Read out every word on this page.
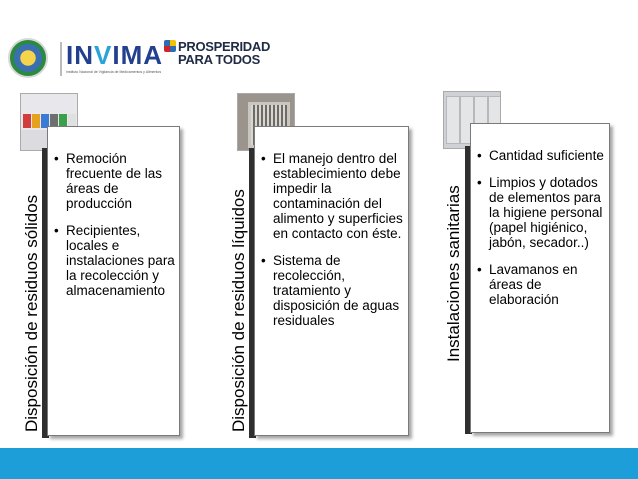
INVIMA
Instituto Nacional de Vigilancia de Medicamentos y Alimentos
PROSPERIDAD
PARA TODOS
Disposición de residuos sólidos
• Remoción frecuente de las áreas de producción
• Recipientes, locales e instalaciones para la recolección y almacenamiento	Disposición de residuos líquidos
• El manejo dentro del establecimiento debe impedir la contaminación del alimento y superficies en contacto con éste.
• Sistema de recolección, tratamiento y disposición de aguas residuales	Instalaciones sanitarias
• Cantidad suficiente
• Limpios y dotados de elementos para la higiene personal (papel higiénico, jabón, secador..)
• Lavamanos en áreas de elaboración
